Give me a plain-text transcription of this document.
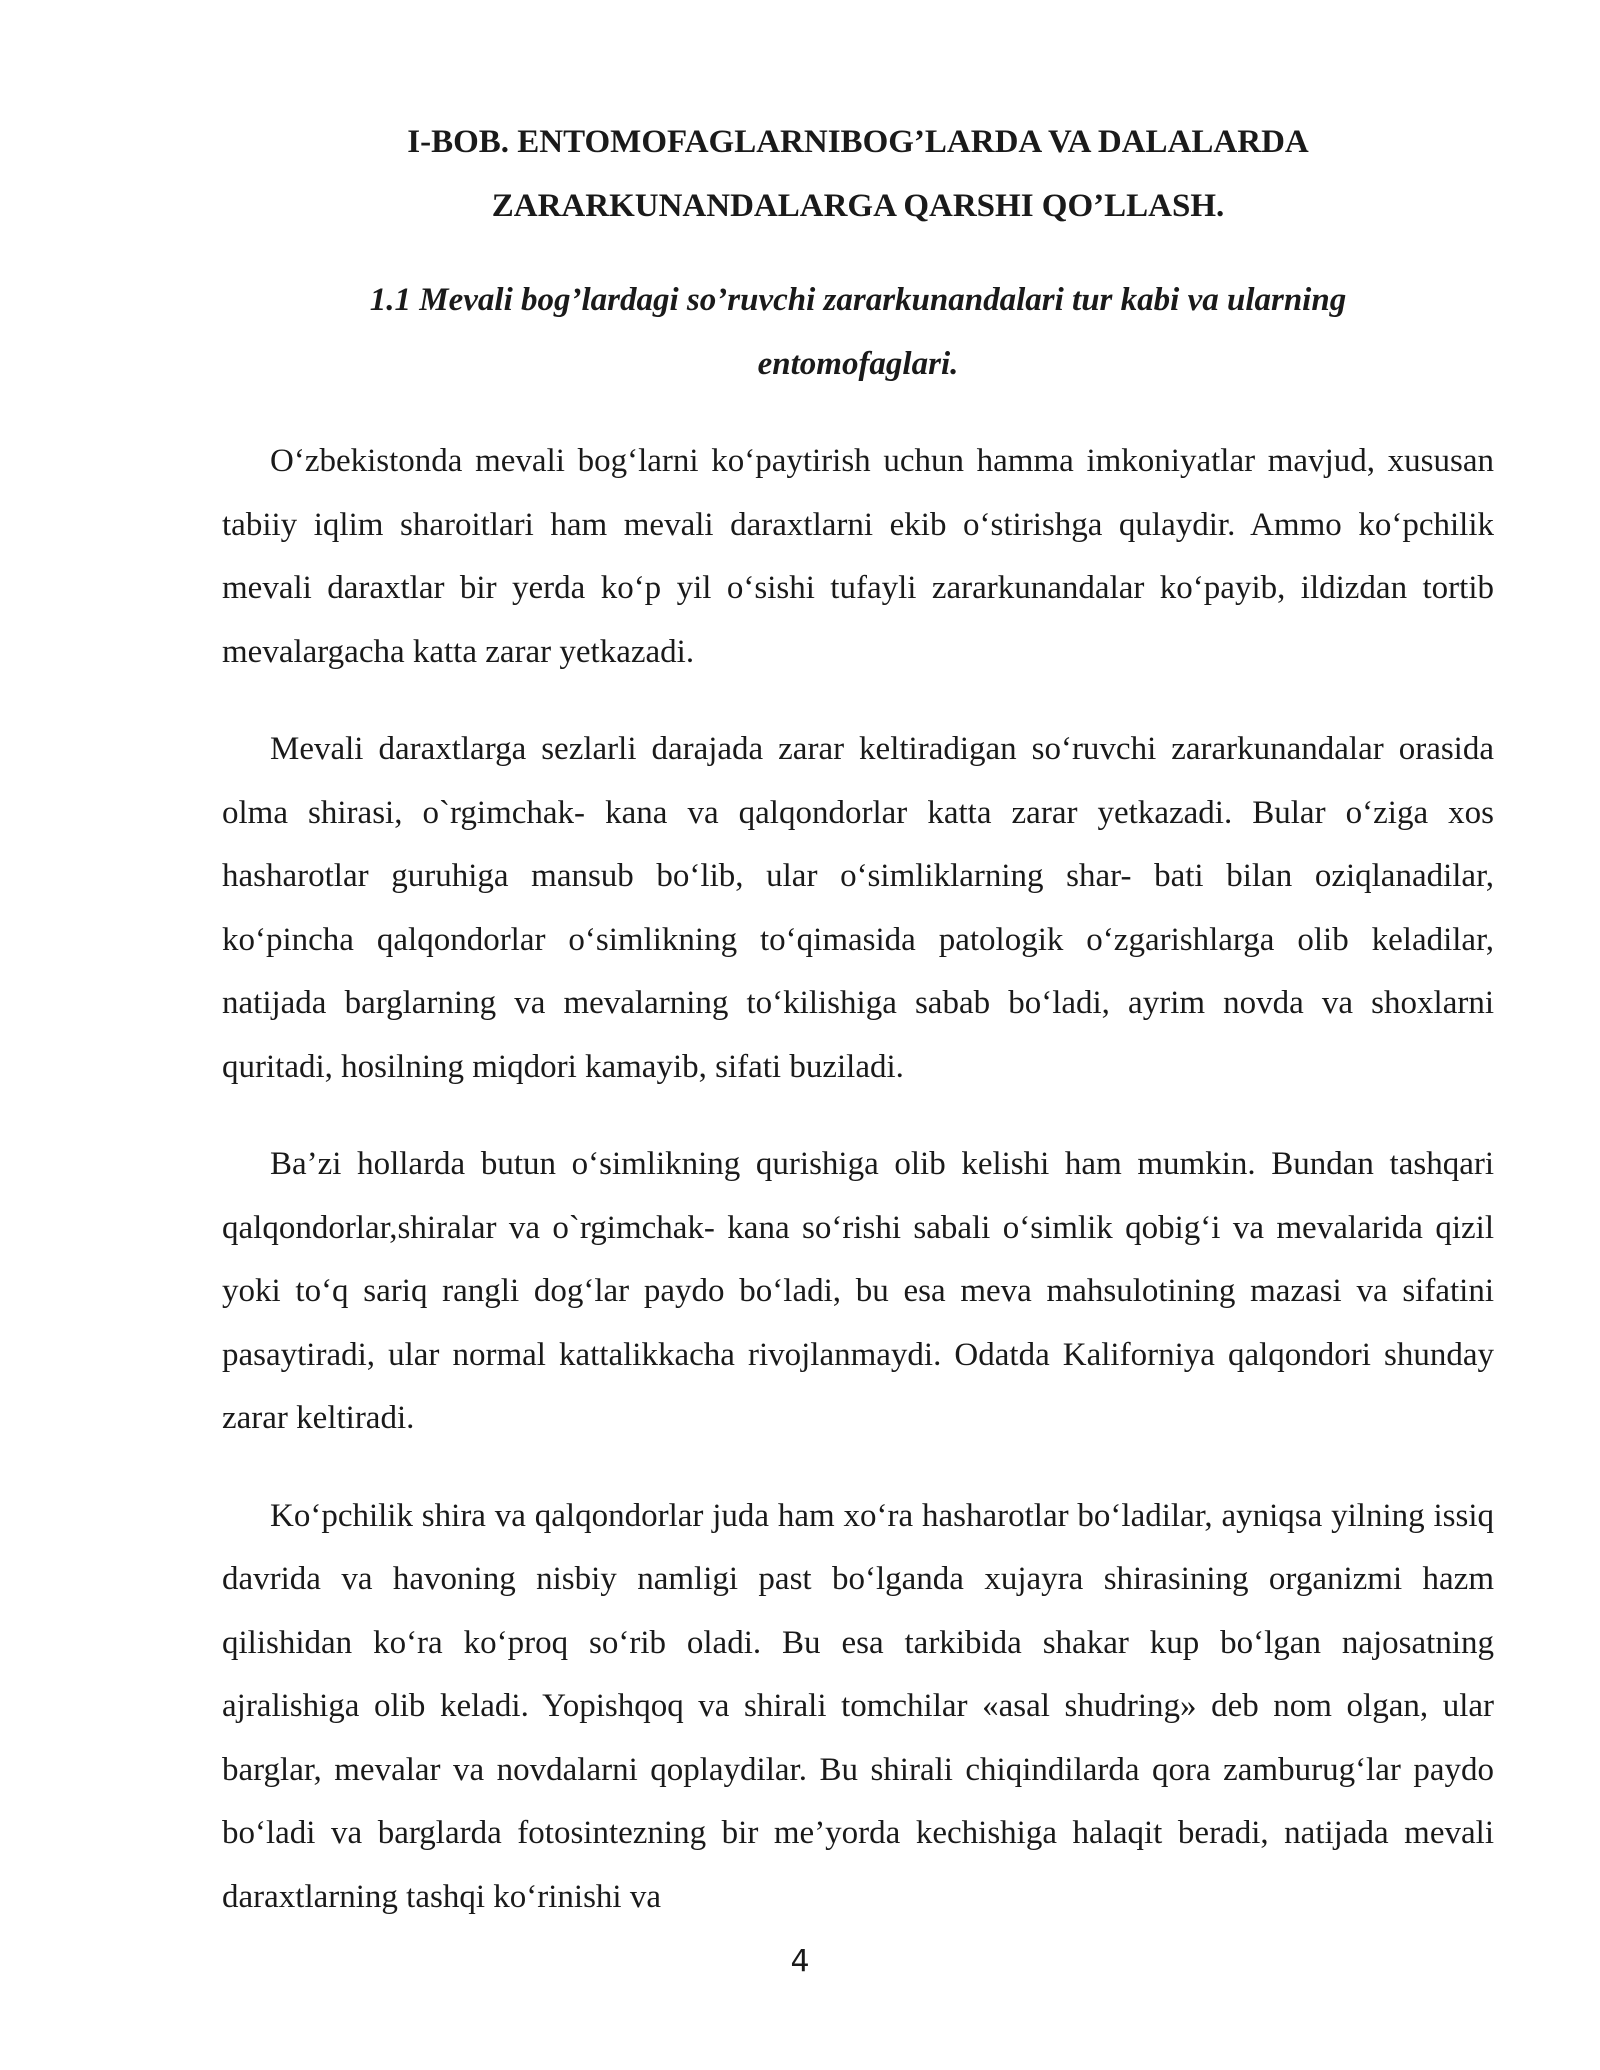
I-BOB. ENTOMOFAGLARNIBOG’LARDA VA DALALARDA
ZARARKUNANDALARGA QARSHI QO’LLASH.
1.1 Mevali bog’lardagi so’ruvchi zararkunandalari tur kabi va ularning
entomofaglari.

O‘zbekistonda mevali bog‘larni ko‘paytirish uchun hamma imkoniyatlar mavjud, xususan tabiiy iqlim sharoitlari ham mevali daraxtlarni ekib o‘stirishga qulaydir. Ammo ko‘pchilik mevali daraxtlar bir yerda ko‘p yil o‘sishi tufayli zararkunandalar ko‘payib, ildizdan tortib mevalargacha katta zarar yetkazadi.

Mevali daraxtlarga sezlarli darajada zarar keltiradigan so‘ruvchi zararkunandalar orasida olma shirasi, o`rgimchak- kana va qalqondorlar katta zarar yetkazadi. Bular o‘ziga xos hasharotlar guruhiga mansub bo‘lib, ular o‘simliklarning shar- bati bilan oziqlanadilar, ko‘pincha qalqondorlar o‘simlikning to‘qimasida patologik o‘zgarishlarga olib keladilar, natijada barglarning va mevalarning to‘kilishiga sabab bo‘ladi, ayrim novda va shoxlarni quritadi, hosilning miqdori kamayib, sifati buziladi.

Ba’zi hollarda butun o‘simlikning qurishiga olib kelishi ham mumkin. Bundan tashqari qalqondorlar,shiralar va o`rgimchak- kana so‘rishi sabali o‘simlik qobig‘i va mevalarida qizil yoki to‘q sariq rangli dog‘lar paydo bo‘ladi, bu esa meva mahsulotining mazasi va sifatini pasaytiradi, ular normal kattalikkacha rivojlanmaydi. Odatda Kaliforniya qalqondori shunday zarar keltiradi.

Ko‘pchilik shira va qalqondorlar juda ham xo‘ra hasharotlar bo‘ladilar, ayniqsa yilning issiq davrida va havoning nisbiy namligi past bo‘lganda xujayra shirasining organizmi hazm qilishidan ko‘ra ko‘proq so‘rib oladi. Bu esa tarkibida shakar kup bo‘lgan najosatning ajralishiga olib keladi. Yopishqoq va shirali tomchilar «asal shudring» deb nom olgan, ular barglar, mevalar va novdalarni qoplaydilar. Bu shirali chiqindilarda qora zamburug‘lar paydo bo‘ladi va barglarda fotosintezning bir me’yorda kechishiga halaqit beradi, natijada mevali daraxtlarning tashqi ko‘rinishi va

4
